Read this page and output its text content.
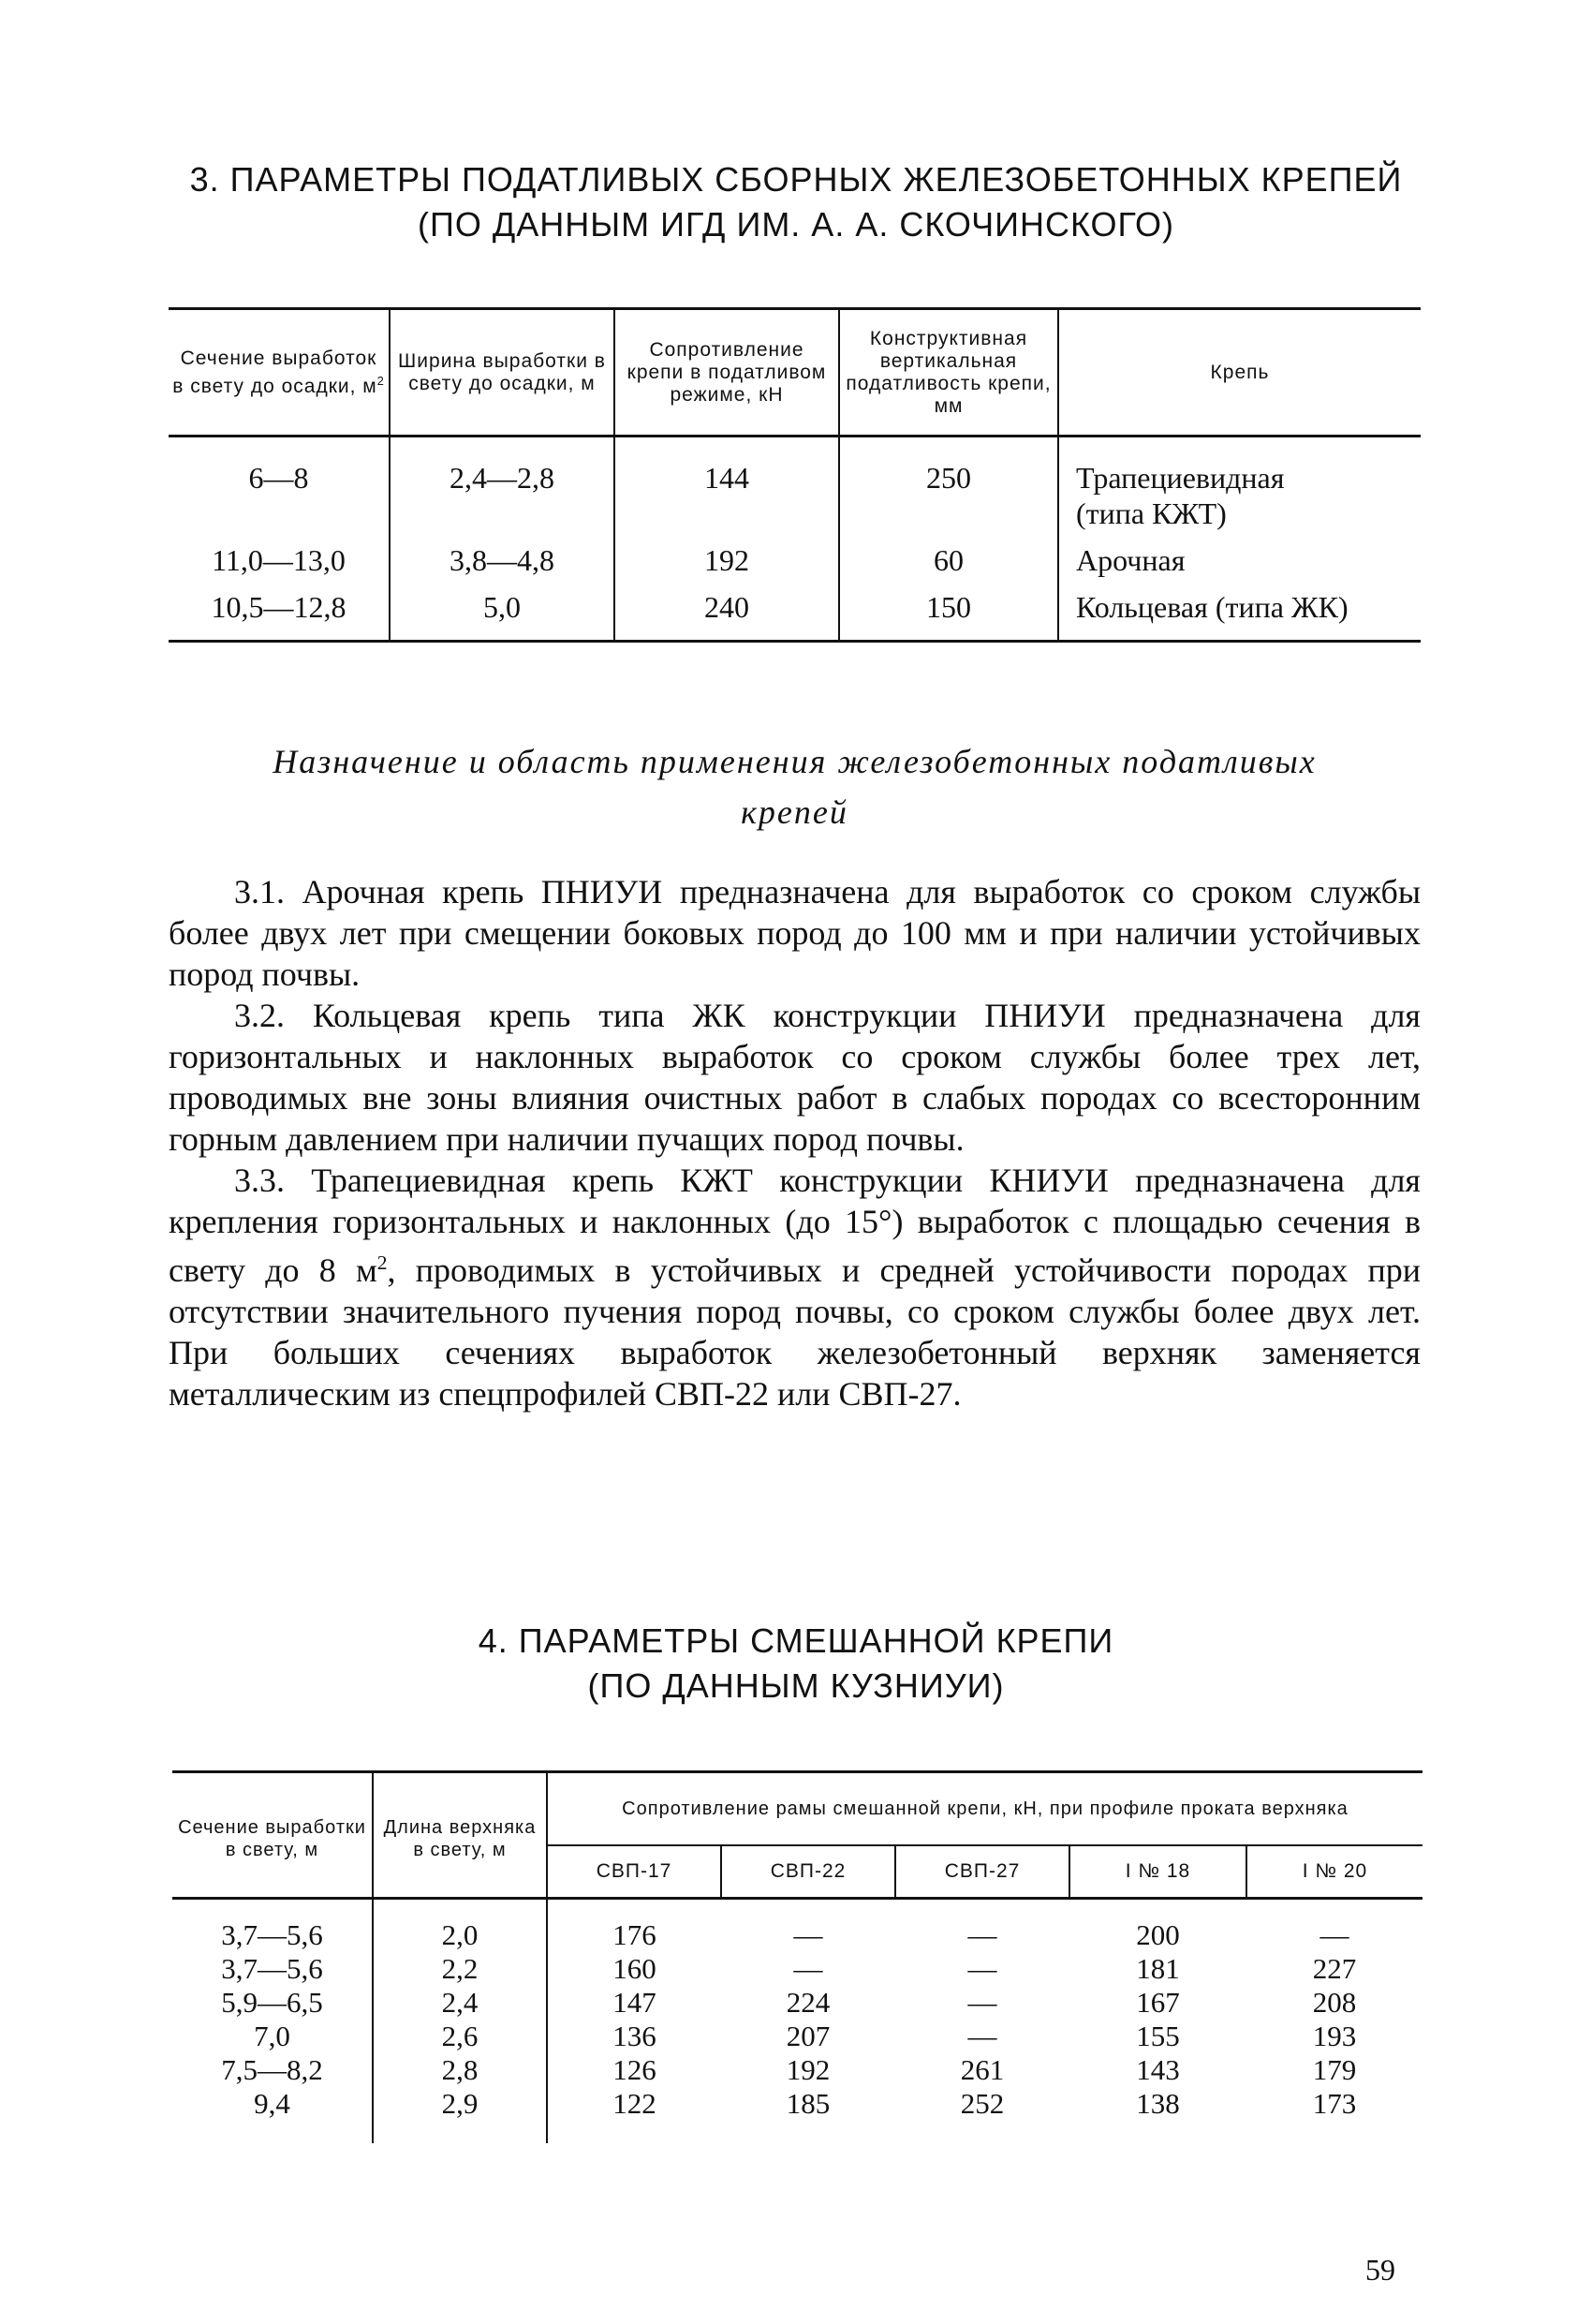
3. ПАРАМЕТРЫ ПОДАТЛИВЫХ СБОРНЫХ ЖЕЛЕЗОБЕТОННЫХ КРЕПЕЙ
(ПО ДАННЫМ ИГД ИМ. А. А. СКОЧИНСКОГО)
Сечение выработок в свету до осадки, $м^2$	Ширина выработки в свету до осадки, м	Сопротивление крепи в податливом режиме, кН	Конструктивная вертикальная податливость крепи, мм	Крепь
6—8	2,4—2,8	144	250	Трапециевидная
(типа КЖТ)

11,0—13,0	3,8—4,8	192	60	Арочная
10,5—12,8	5,0	240	150	Кольцевая (типа ЖК)
Назначение и область применения железобетонных податливых
крепей

3.1. Арочная крепь ПНИУИ предназначена для выработок со сроком службы более двух лет при смещении боковых пород до 100 мм и при наличии устойчивых пород почвы.

3.2. Кольцевая крепь типа ЖК конструкции ПНИУИ предназначена для горизонтальных и наклонных выработок со сроком службы более трех лет, проводимых вне зоны влияния очистных работ в слабых породах со всесторонним горным давлением при наличии пучащих пород почвы.

3.3. Трапециевидная крепь КЖТ конструкции КНИУИ предназначена для крепления горизонтальных и наклонных (до 15°) выработок с площадью сечения в свету до 8 $м^2$, проводимых в устойчивых и средней устойчивости породах при отсутствии значительного пучения пород почвы, со сроком службы более двух лет. При больших сечениях выработок железобетонный верхняк заменяется металлическим из спецпрофилей СВП-22 или СВП-27.

4. ПАРАМЕТРЫ СМЕШАННОЙ КРЕПИ
(ПО ДАННЫМ КУЗНИУИ)
Сечение выработки в свету, м	Длина верхняка в свету, м	Сопротивление рамы смешанной крепи, кН, при профиле проката верхняка				
		СВП-17	СВП-22	СВП-27	I № 18	I № 20
3,7—5,6	2,0	176	—	—	200	—
3,7—5,6	2,2	160	—	—	181	227
5,9—6,5	2,4	147	224	—	167	208
7,0	2,6	136	207	—	155	193
7,5—8,2	2,8	126	192	261	143	179
9,4	2,9	122	185	252	138	173
59
